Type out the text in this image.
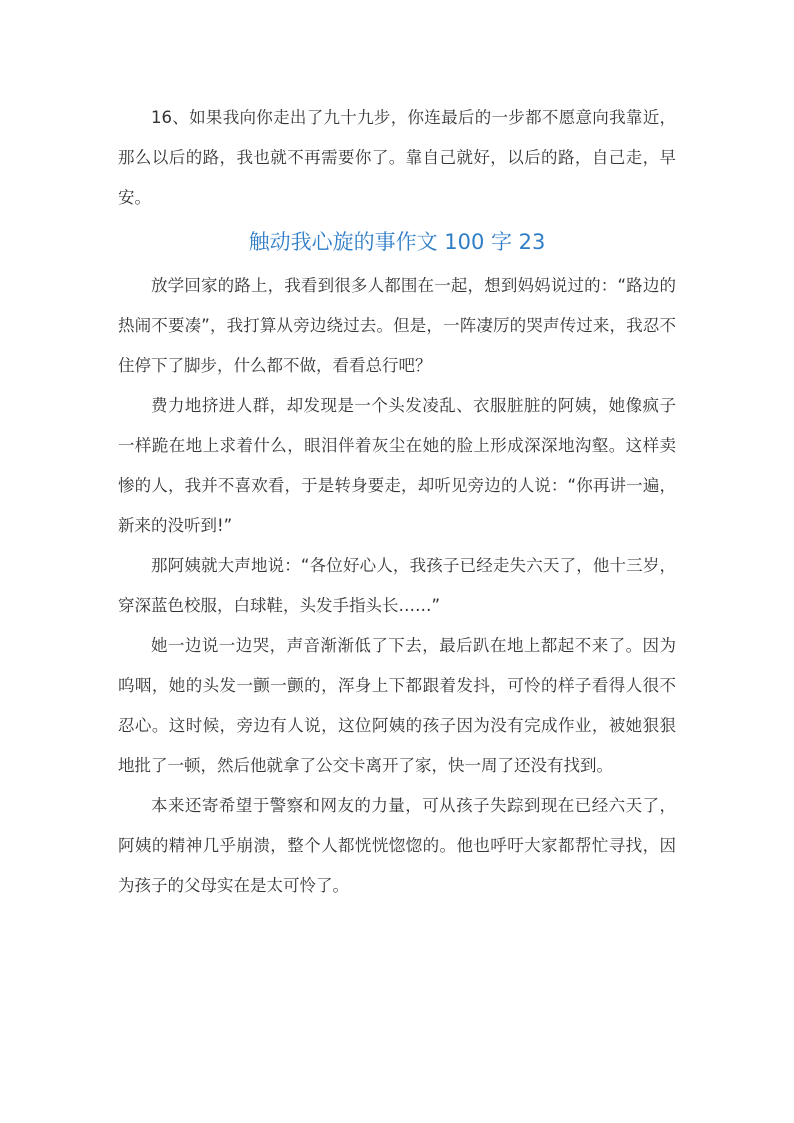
16、如果我向你走出了九十九步，你连最后的一步都不愿意向我靠近，那么以后的路，我也就不再需要你了。靠自己就好，以后的路，自己走，早安。

触动我心旋的事作文 100 字 23

放学回家的路上，我看到很多人都围在一起，想到妈妈说过的：“路边的热闹不要凑”，我打算从旁边绕过去。但是，一阵凄厉的哭声传过来，我忍不住停下了脚步，什么都不做，看看总行吧？

费力地挤进人群，却发现是一个头发凌乱、衣服脏脏的阿姨，她像疯子一样跪在地上求着什么，眼泪伴着灰尘在她的脸上形成深深地沟壑。这样卖惨的人，我并不喜欢看，于是转身要走，却听见旁边的人说：“你再讲一遍，新来的没听到!”

那阿姨就大声地说：“各位好心人，我孩子已经走失六天了，他十三岁，穿深蓝色校服，白球鞋，头发手指头长……”

她一边说一边哭，声音渐渐低了下去，最后趴在地上都起不来了。因为呜咽，她的头发一颤一颤的，浑身上下都跟着发抖，可怜的样子看得人很不忍心。这时候，旁边有人说，这位阿姨的孩子因为没有完成作业，被她狠狠地批了一顿，然后他就拿了公交卡离开了家，快一周了还没有找到。

本来还寄希望于警察和网友的力量，可从孩子失踪到现在已经六天了，阿姨的精神几乎崩溃，整个人都恍恍惚惚的。他也呼吁大家都帮忙寻找，因为孩子的父母实在是太可怜了。
